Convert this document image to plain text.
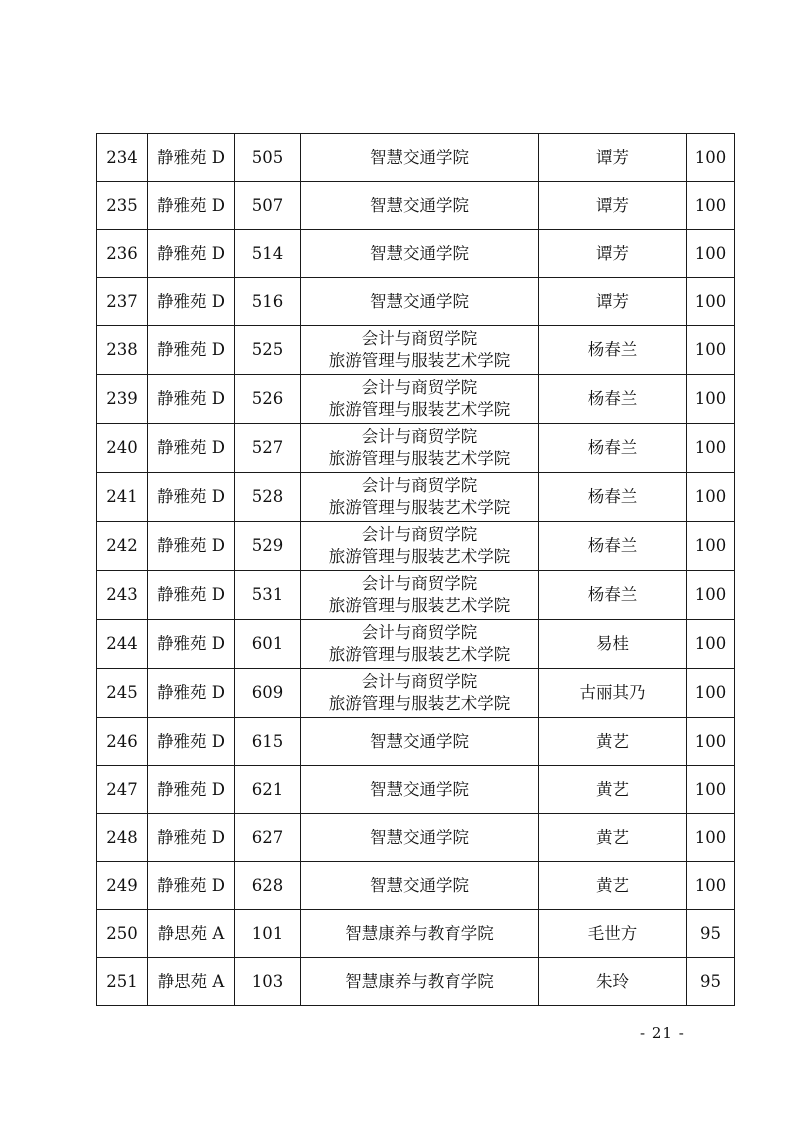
234	静雅苑 D	505	智慧交通学院	谭芳	100
235	静雅苑 D	507	智慧交通学院	谭芳	100
236	静雅苑 D	514	智慧交通学院	谭芳	100
237	静雅苑 D	516	智慧交通学院	谭芳	100
238	静雅苑 D	525	会计与商贸学院
旅游管理与服装艺术学院	杨春兰	100
239	静雅苑 D	526	会计与商贸学院
旅游管理与服装艺术学院	杨春兰	100
240	静雅苑 D	527	会计与商贸学院
旅游管理与服装艺术学院	杨春兰	100
241	静雅苑 D	528	会计与商贸学院
旅游管理与服装艺术学院	杨春兰	100
242	静雅苑 D	529	会计与商贸学院
旅游管理与服装艺术学院	杨春兰	100
243	静雅苑 D	531	会计与商贸学院
旅游管理与服装艺术学院	杨春兰	100
244	静雅苑 D	601	会计与商贸学院
旅游管理与服装艺术学院	易桂	100
245	静雅苑 D	609	会计与商贸学院
旅游管理与服装艺术学院	古丽其乃	100
246	静雅苑 D	615	智慧交通学院	黄艺	100
247	静雅苑 D	621	智慧交通学院	黄艺	100
248	静雅苑 D	627	智慧交通学院	黄艺	100
249	静雅苑 D	628	智慧交通学院	黄艺	100
250	静思苑 A	101	智慧康养与教育学院	毛世方	95
251	静思苑 A	103	智慧康养与教育学院	朱玲	95
- 21 -
